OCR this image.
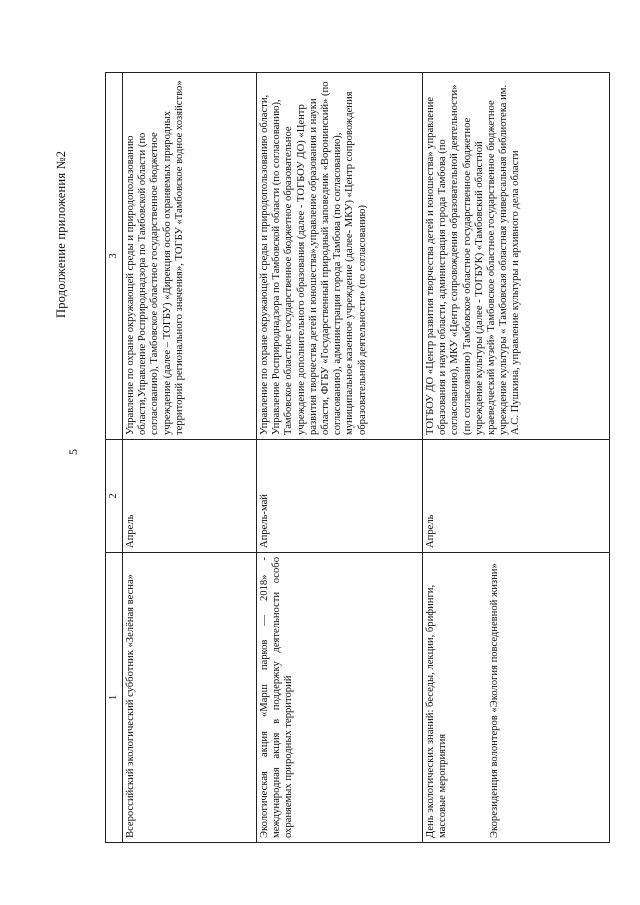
5
Продолжение приложения №2
1	2	3
Всероссийский экологический субботник «Зелёная весна»	Апрель	Управление по охране окружающей среды и природопользованию области,Управление Росприроднадзора по Тамбовской области (по согласованию), Тамбовское областное государственное бюджетное учреждение (далее – ТОГБУ) «Дирекция особо охраняемых природных территорий регионального значения», ТОГБУ «Тамбовское водное хозяйство»
Экологическая акция «Марш парков — 2018» - международная акция в поддержку деятельности особо охраняемых природных территорий	Апрель-май	Управление по охране окружающей среды и природопользованию области, Управление Росприроднадзора по Тамбовской области (по согласованию), Тамбовское областное государственное бюджетное образовательное учреждение дополнительного образования (далее - ТОГБОУ ДО) «Центр развития творчества детей и юношества»,управление образования и науки области, ФГБУ «Государственный природный заповедник «Воронинский» (по согласованию), администрация города Тамбова (по согласованию), муниципальное казенное учреждение (далее- МКУ) «Центр сопровождения образовательной деятельности» (по согласованию)

День экологических знаний: беседы, лекции, брифинги, массовые мероприятия Экорезиденция волонтеров «Экология повседневной жизни»	Апрель	ТОГБОУ ДО «Центр развития творчества детей и юношества» управление образования и науки области, администрация города Тамбова (по согласованию), МКУ «Центр сопровождения образовательной деятельности» (по согласованию) Тамбовское областное государственное бюджетное учреждение культуры (далее - ТОГБУК) «Тамбовский областной краеведческий музей» Тамбовское областное государственное бюджетное учреждение культуры « Тамбовская областная универсальная библиотека им. А.С. Пушкина, управление культуры и архивного дела области
